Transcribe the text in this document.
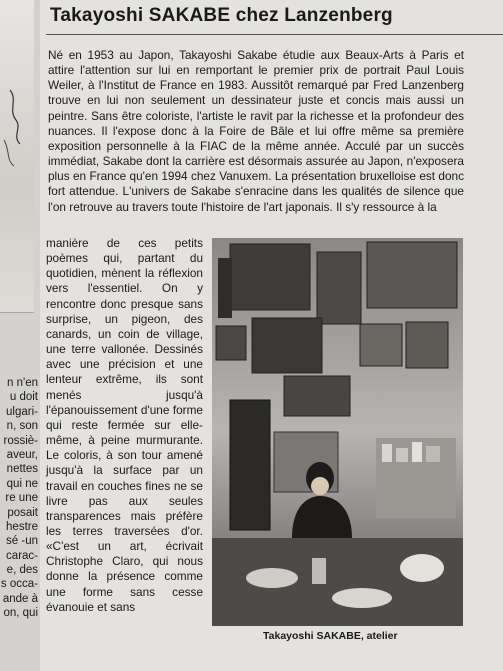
n n'en
u doit
ulgari-
n, son
rossiè-
aveur,
nettes
qui ne
re une
posait
hestre
sé -un
carac-
e, des
s occa-
ande à
on, qui
Takayoshi SAKABE chez Lanzenberg
Né en 1953 au Japon, Takayoshi Sakabe étudie aux Beaux-Arts à Paris et attire l'attention sur lui en remportant le premier prix de portrait Paul Louis Weiler, à l'Institut de France en 1983. Aussitôt remarqué par Fred Lanzenberg trouve en lui non seulement un dessinateur juste et concis mais aussi un peintre. Sans être coloriste, l'artiste le ravit par la richesse et la profondeur des nuances. Il l'expose donc à la Foire de Bâle et lui offre même sa première exposition personnelle à la FIAC de la même année. Acculé par un succès immédiat, Sakabe dont la carrière est désormais assurée au Japon, n'exposera plus en France qu'en 1994 chez Vanuxem. La présentation bruxelloise est donc fort attendue. L'univers de Sakabe s'enracine dans les qualités de silence que l'on retrouve au travers toute l'histoire de l'art japonais. Il s'y ressource à la
manière de ces petits poèmes qui, partant du quotidien, mènent la réflexion vers l'essentiel. On y rencontre donc presque sans surprise, un pigeon, des canards, un coin de village, une terre vallonée. Dessinés avec une précision et une lenteur extrême, ils sont menés jusqu'à l'épanouissement d'une forme qui reste fermée sur elle-même, à peine murmurante. Le coloris, à son tour amené jusqu'à la surface par un travail en couches fines ne se livre pas aux seules transparences mais préfère les terres traversées d'or. «C'est un art, écrivait Christophe Claro, qui nous donne la présence comme une forme sans cesse évanouie et sans
Takayoshi SAKABE, atelier
